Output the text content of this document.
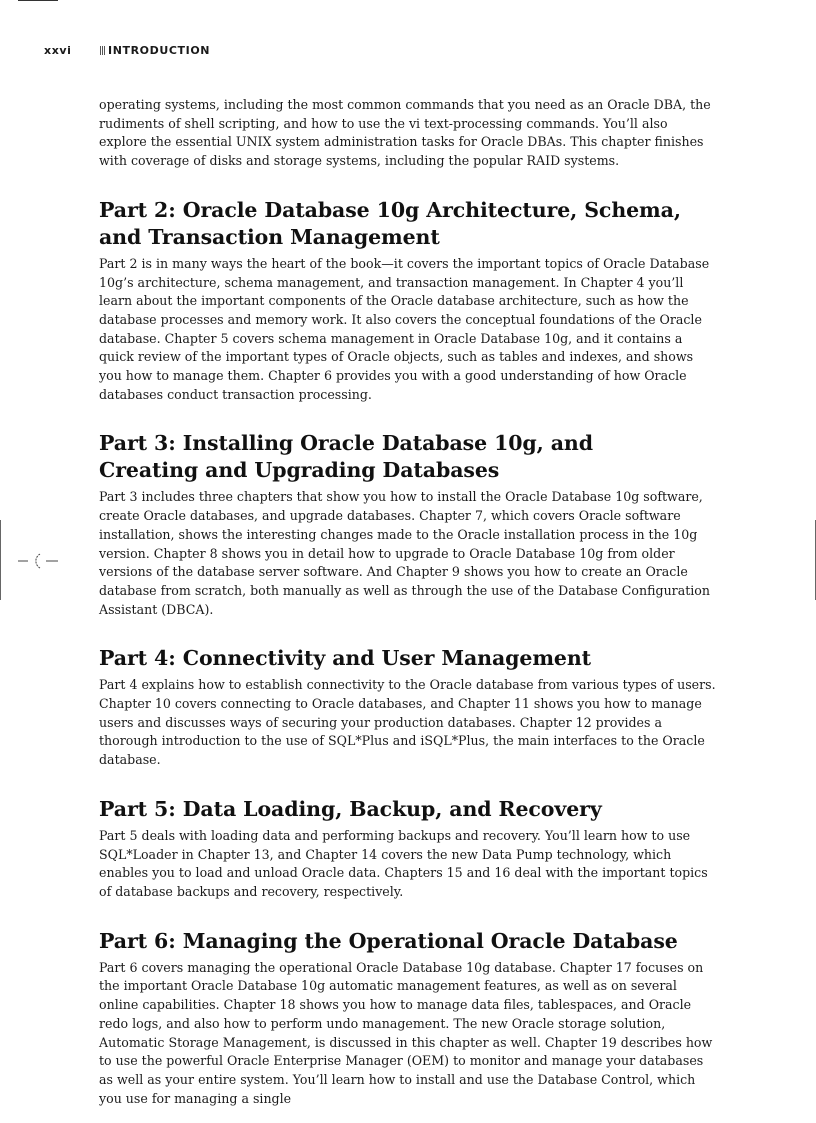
xxvi	INTRODUCTION

operating systems, including the most common commands that you need as an Oracle DBA, the rudiments of shell scripting, and how to use the vi text-processing commands. You’ll also explore the essential UNIX system administration tasks for Oracle DBAs. This chapter finishes with coverage of disks and storage systems, including the popular RAID systems.

Part 2: Oracle Database 10g Architecture, Schema,
and Transaction Management

Part 2 is in many ways the heart of the book—it covers the important topics of Oracle Database 10g’s architecture, schema management, and transaction management. In Chapter 4 you’ll learn about the important components of the Oracle database architecture, such as how the database processes and memory work. It also covers the conceptual foundations of the Oracle database. Chapter 5 covers schema management in Oracle Database 10g, and it contains a quick review of the important types of Oracle objects, such as tables and indexes, and shows you how to manage them. Chapter 6 provides you with a good understanding of how Oracle databases conduct transaction processing.

Part 3: Installing Oracle Database 10g, and
Creating and Upgrading Databases

Part 3 includes three chapters that show you how to install the Oracle Database 10g software, create Oracle databases, and upgrade databases. Chapter 7, which covers Oracle software installation, shows the interesting changes made to the Oracle installation process in the 10g version. Chapter 8 shows you in detail how to upgrade to Oracle Database 10g from older versions of the database server software. And Chapter 9 shows you how to create an Oracle database from scratch, both manually as well as through the use of the Database Configuration Assistant (DBCA).

Part 4: Connectivity and User Management

Part 4 explains how to establish connectivity to the Oracle database from various types of users. Chapter 10 covers connecting to Oracle databases, and Chapter 11 shows you how to manage users and discusses ways of securing your production databases. Chapter 12 provides a thorough introduction to the use of SQL*Plus and iSQL*Plus, the main interfaces to the Oracle database.

Part 5: Data Loading, Backup, and Recovery

Part 5 deals with loading data and performing backups and recovery. You’ll learn how to use SQL*Loader in Chapter 13, and Chapter 14 covers the new Data Pump technology, which enables you to load and unload Oracle data. Chapters 15 and 16 deal with the important topics of database backups and recovery, respectively.

Part 6: Managing the Operational Oracle Database

Part 6 covers managing the operational Oracle Database 10g database. Chapter 17 focuses on the important Oracle Database 10g automatic management features, as well as on several online capabilities. Chapter 18 shows you how to manage data files, tablespaces, and Oracle redo logs, and also how to perform undo management. The new Oracle storage solution, Automatic Storage Management, is discussed in this chapter as well. Chapter 19 describes how to use the powerful Oracle Enterprise Manager (OEM) to monitor and manage your databases as well as your entire system. You’ll learn how to install and use the Database Control, which you use for managing a single
